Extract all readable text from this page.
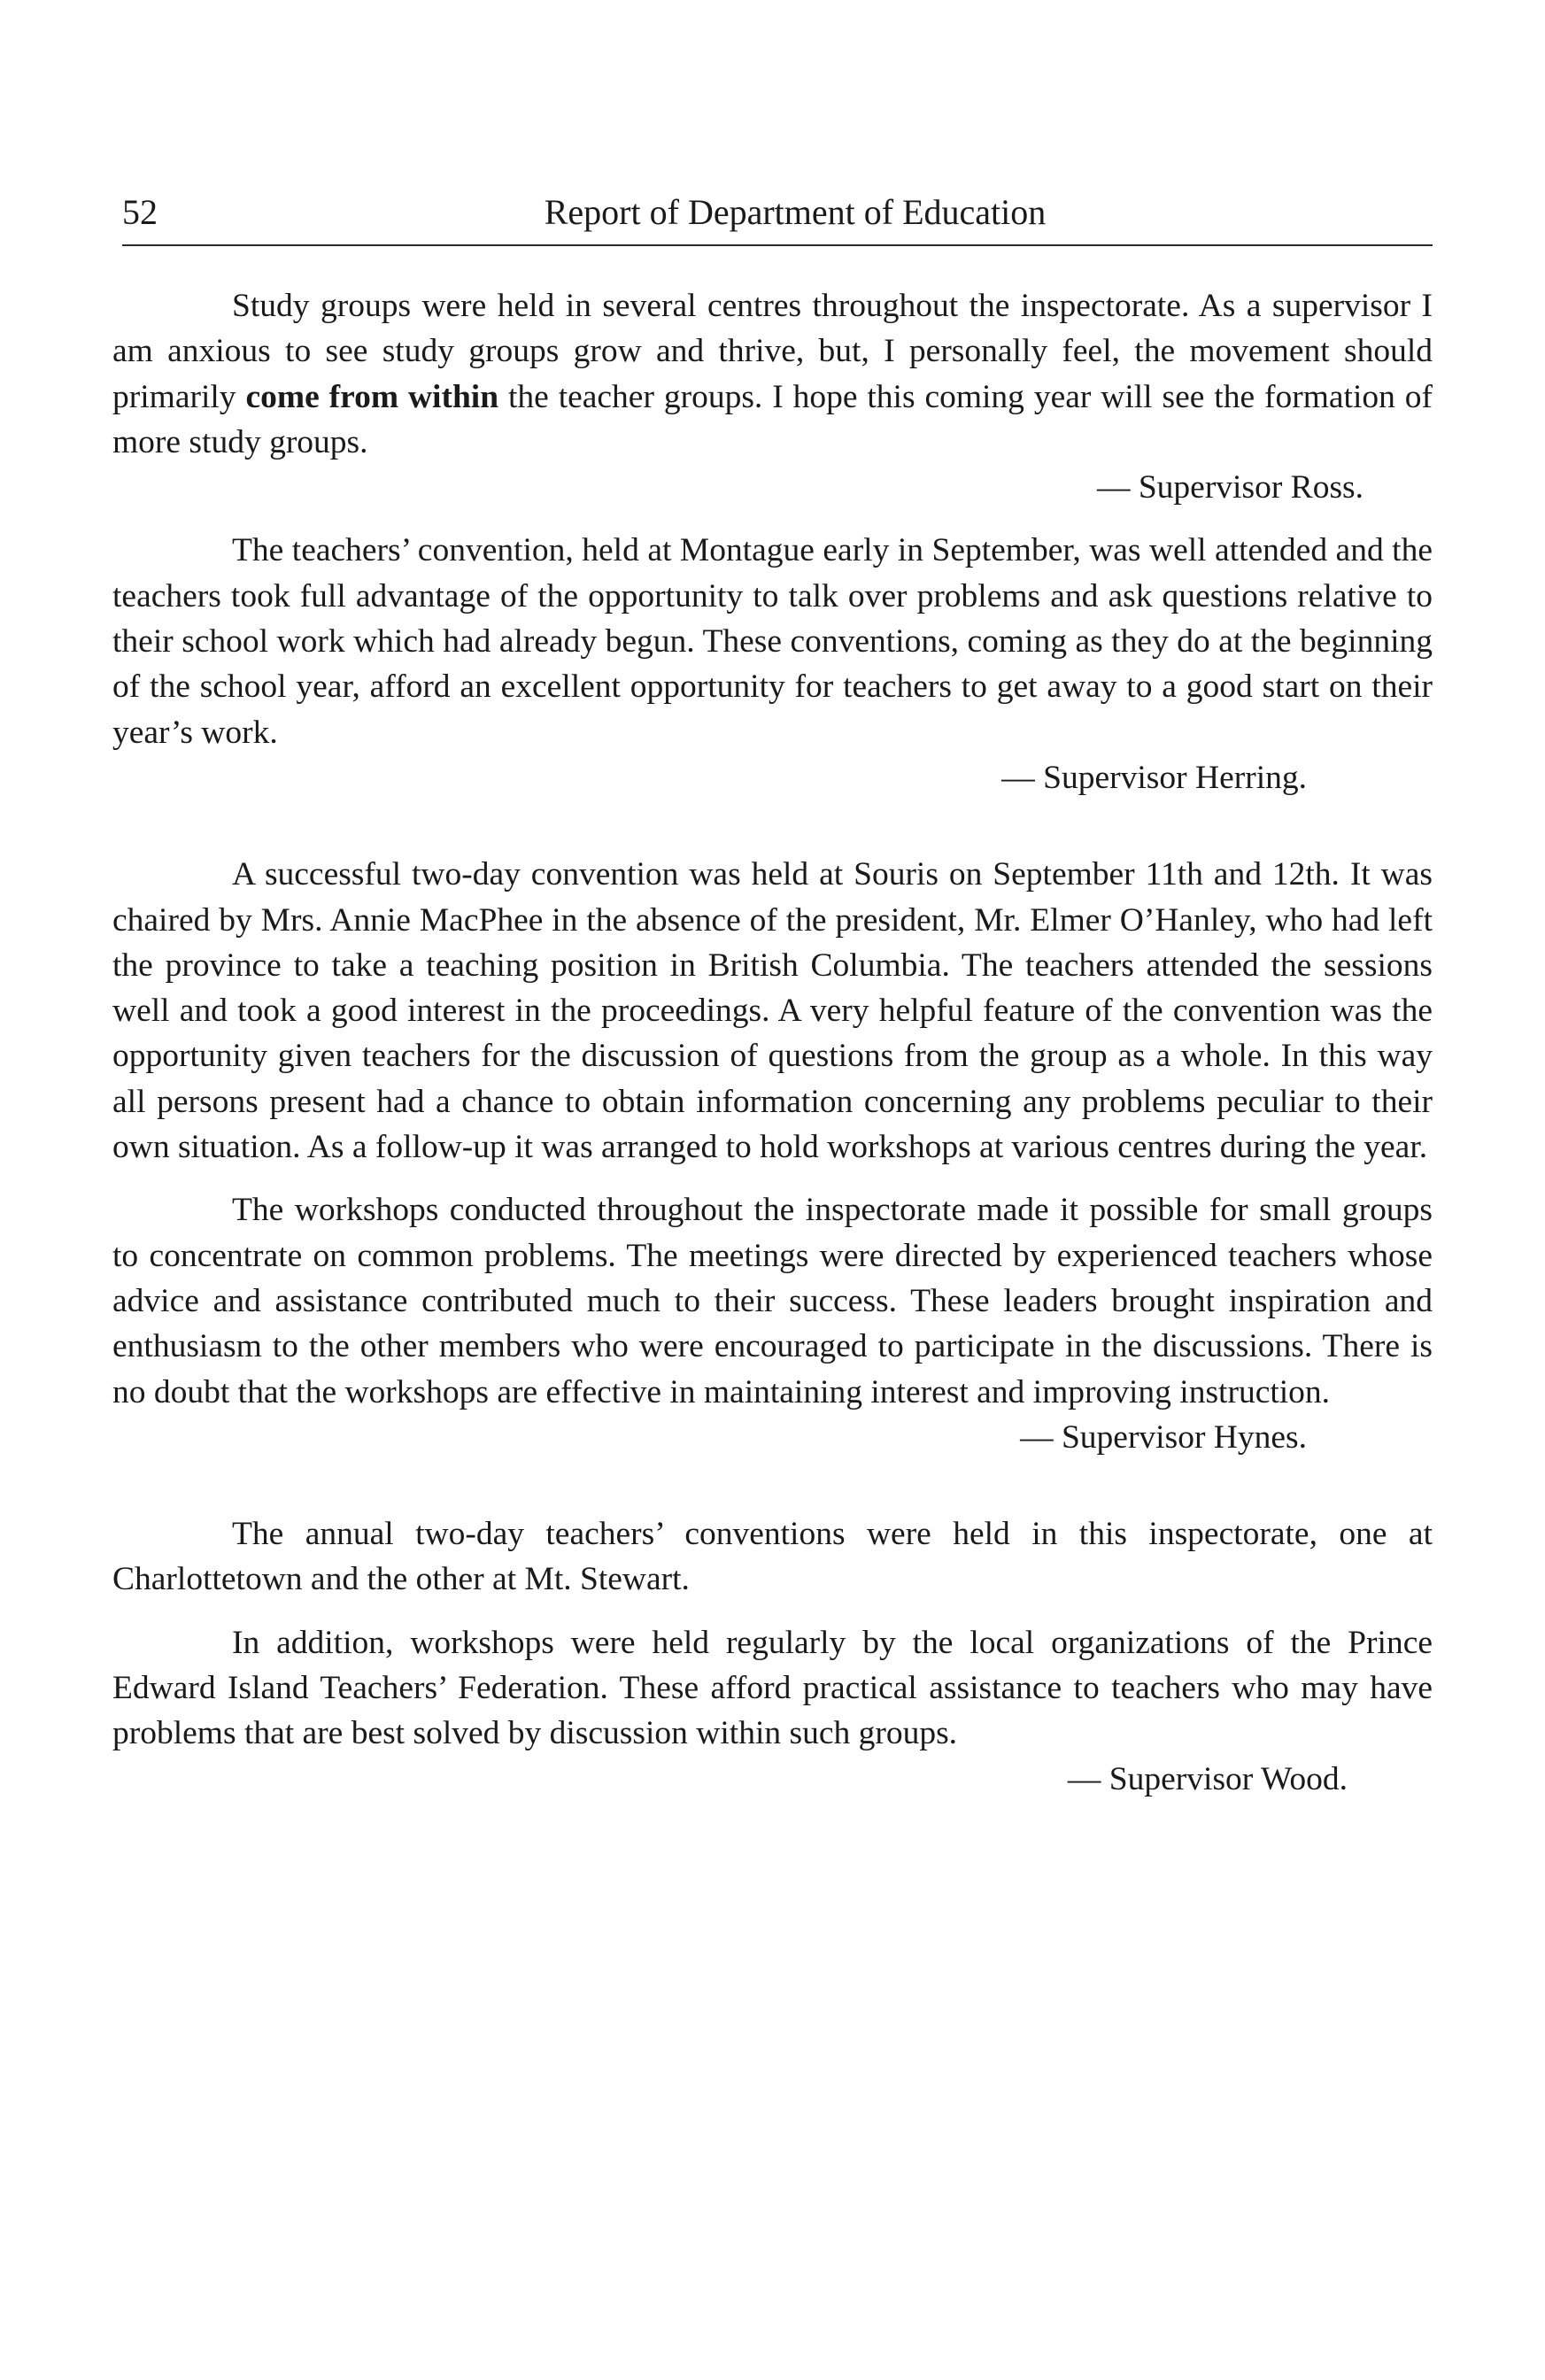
52	Report of Department of Education

Study groups were held in several centres throughout the inspectorate. As a supervisor I am anxious to see study groups grow and thrive, but, I personally feel, the movement should primarily come from within the teacher groups. I hope this coming year will see the formation of more study groups.

— Supervisor Ross.

The teachers’ convention, held at Montague early in September, was well attended and the teachers took full advantage of the opportunity to talk over problems and ask questions relative to their school work which had already begun. These conventions, coming as they do at the beginning of the school year, afford an excellent opportunity for teachers to get away to a good start on their year’s work.

— Supervisor Herring.

A successful two-day convention was held at Souris on September 11th and 12th. It was chaired by Mrs. Annie MacPhee in the absence of the president, Mr. Elmer O’Hanley, who had left the province to take a teaching position in British Columbia. The teachers attended the sessions well and took a good interest in the proceedings. A very helpful feature of the convention was the opportunity given teachers for the discussion of questions from the group as a whole. In this way all persons present had a chance to obtain information concerning any problems peculiar to their own situation. As a follow-up it was arranged to hold workshops at various centres during the year.

The workshops conducted throughout the inspectorate made it possible for small groups to concentrate on common problems. The meetings were directed by experienced teachers whose advice and assistance contributed much to their success. These leaders brought inspiration and enthusiasm to the other members who were encouraged to participate in the discussions. There is no doubt that the workshops are effective in maintaining interest and improving instruction.

— Supervisor Hynes.

The annual two-day teachers’ conventions were held in this inspectorate, one at Charlottetown and the other at Mt. Stewart.

In addition, workshops were held regularly by the local organizations of the Prince Edward Island Teachers’ Federation. These afford practical assistance to teachers who may have problems that are best solved by discussion within such groups.

— Supervisor Wood.
